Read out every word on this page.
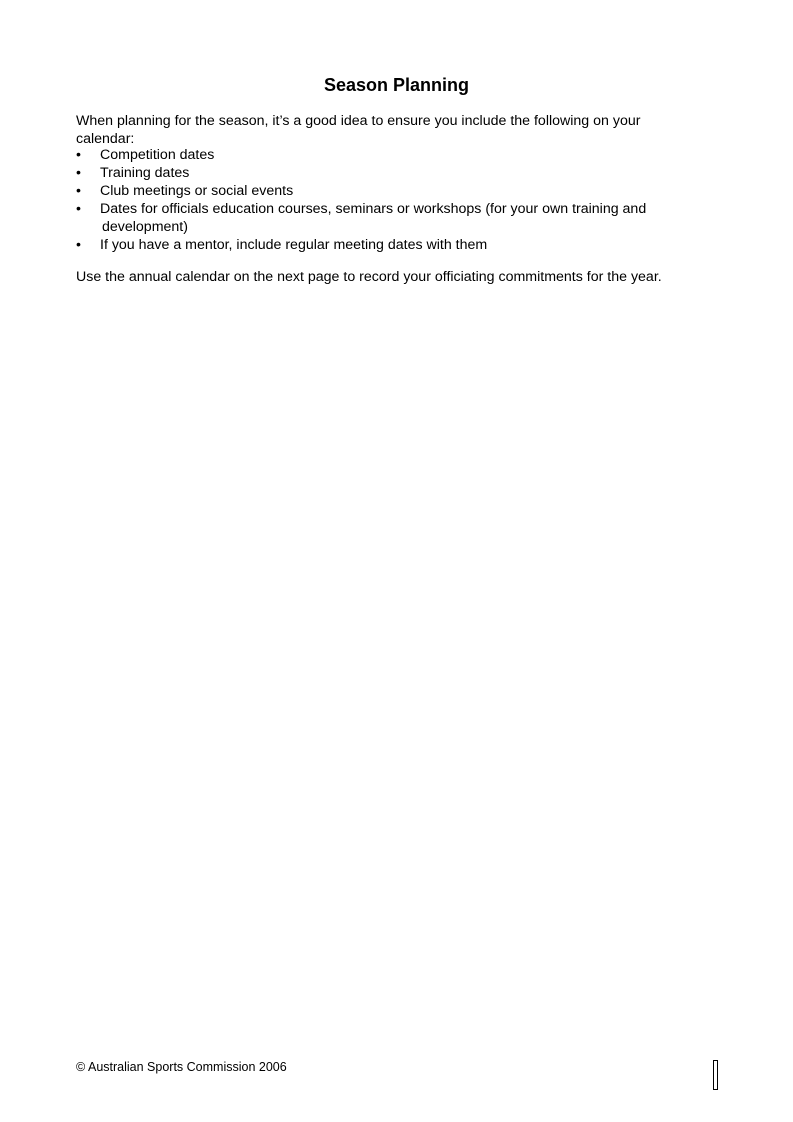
Season Planning
When planning for the season, it’s a good idea to ensure you include the following on your calendar:
•	Competition dates
•	Training dates
•	Club meetings or social events
•	Dates for officials education courses, seminars or workshops (for your own training and
development)
•	If you have a mentor, include regular meeting dates with them
Use the annual calendar on the next page to record your officiating commitments for the year.
© Australian Sports Commission 2006
